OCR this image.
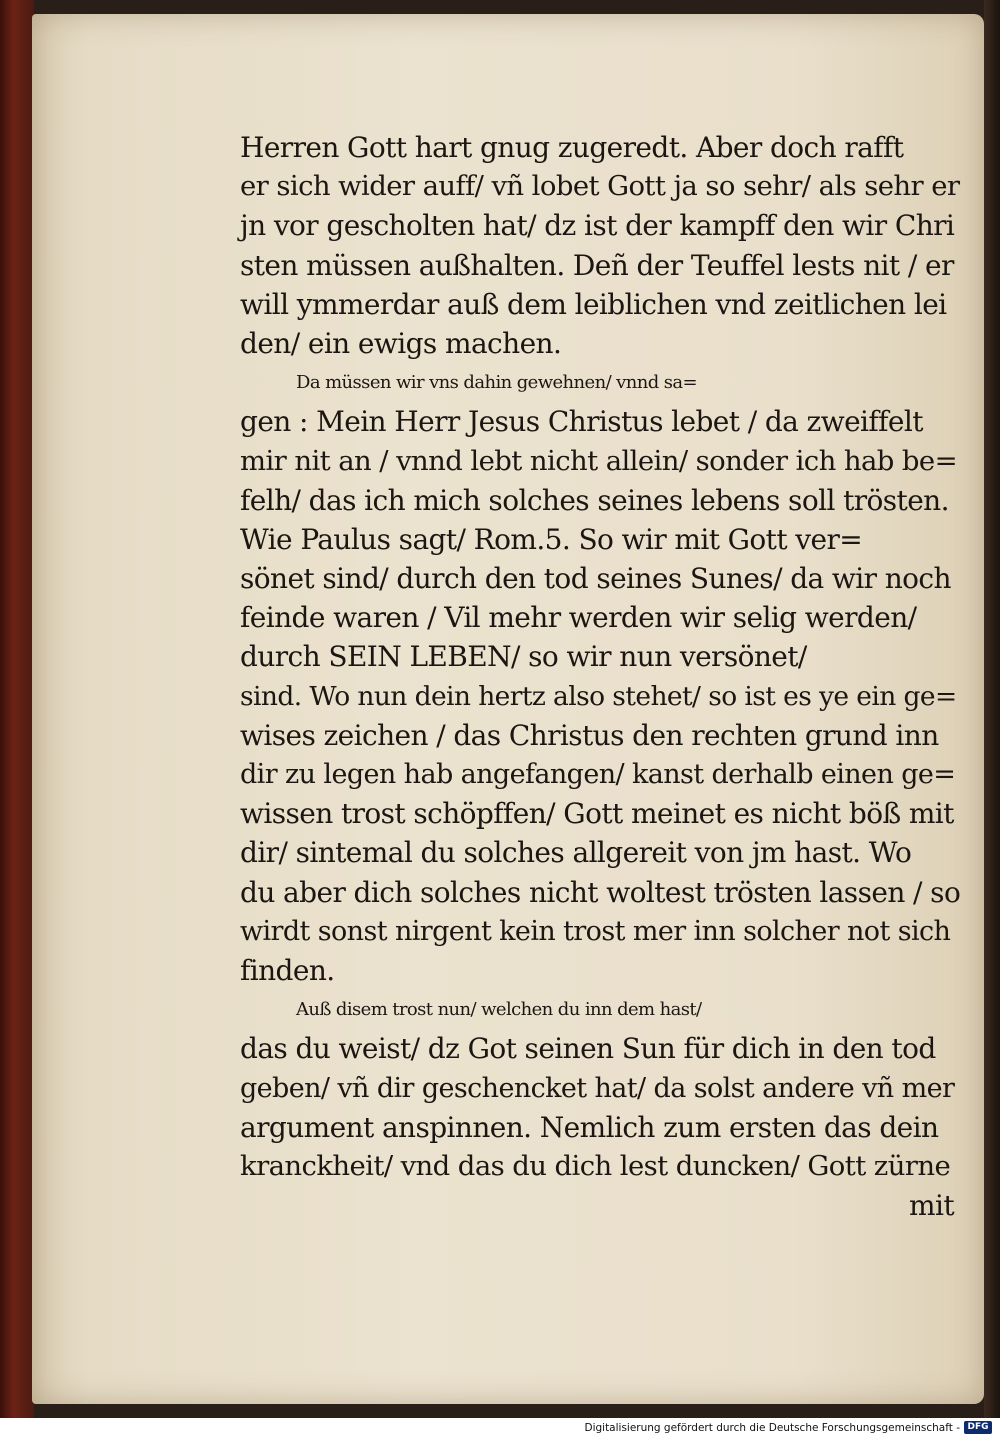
Herren Gott hart gnug zugeredt. Aber doch rafft
er sich wider auff/ vñ lobet Gott ja so sehr/ als sehr er
jn vor gescholten hat/ dz ist der kampff den wir Chri
sten müssen außhalten. Deñ der Teuffel lests nit / er
will ymmerdar auß dem leiblichen vnd zeitlichen lei
den/ ein ewigs machen.
Da müssen wir vns dahin gewehnen/ vnnd sa=
gen : Mein Herr Jesus Christus lebet / da zweiffelt
mir nit an / vnnd lebt nicht allein/ sonder ich hab be=
felh/ das ich mich solches seines lebens soll trösten.
Wie Paulus sagt/ Rom.5. So wir mit Gott ver=
sönet sind/ durch den tod seines Sunes/ da wir noch
feinde waren / Vil mehr werden wir selig werden/
durch SEIN LEBEN/ so wir nun versönet/
sind. Wo nun dein hertz also stehet/ so ist es ye ein ge=
wises zeichen / das Christus den rechten grund inn
dir zu legen hab angefangen/ kanst derhalb einen ge=
wissen trost schöpffen/ Gott meinet es nicht böß mit
dir/ sintemal du solches allgereit von jm hast. Wo
du aber dich solches nicht woltest trösten lassen / so
wirdt sonst nirgent kein trost mer inn solcher not sich
finden.
Auß disem trost nun/ welchen du inn dem hast/
das du weist/ dz Got seinen Sun für dich in den tod
geben/ vñ dir geschencket hat/ da solst andere vñ mer
argument anspinnen. Nemlich zum ersten das dein
kranckheit/ vnd das du dich lest duncken/ Gott zürne
mit
Digitalisierung gefördert durch die Deutsche Forschungsgemeinschaft - DFG
